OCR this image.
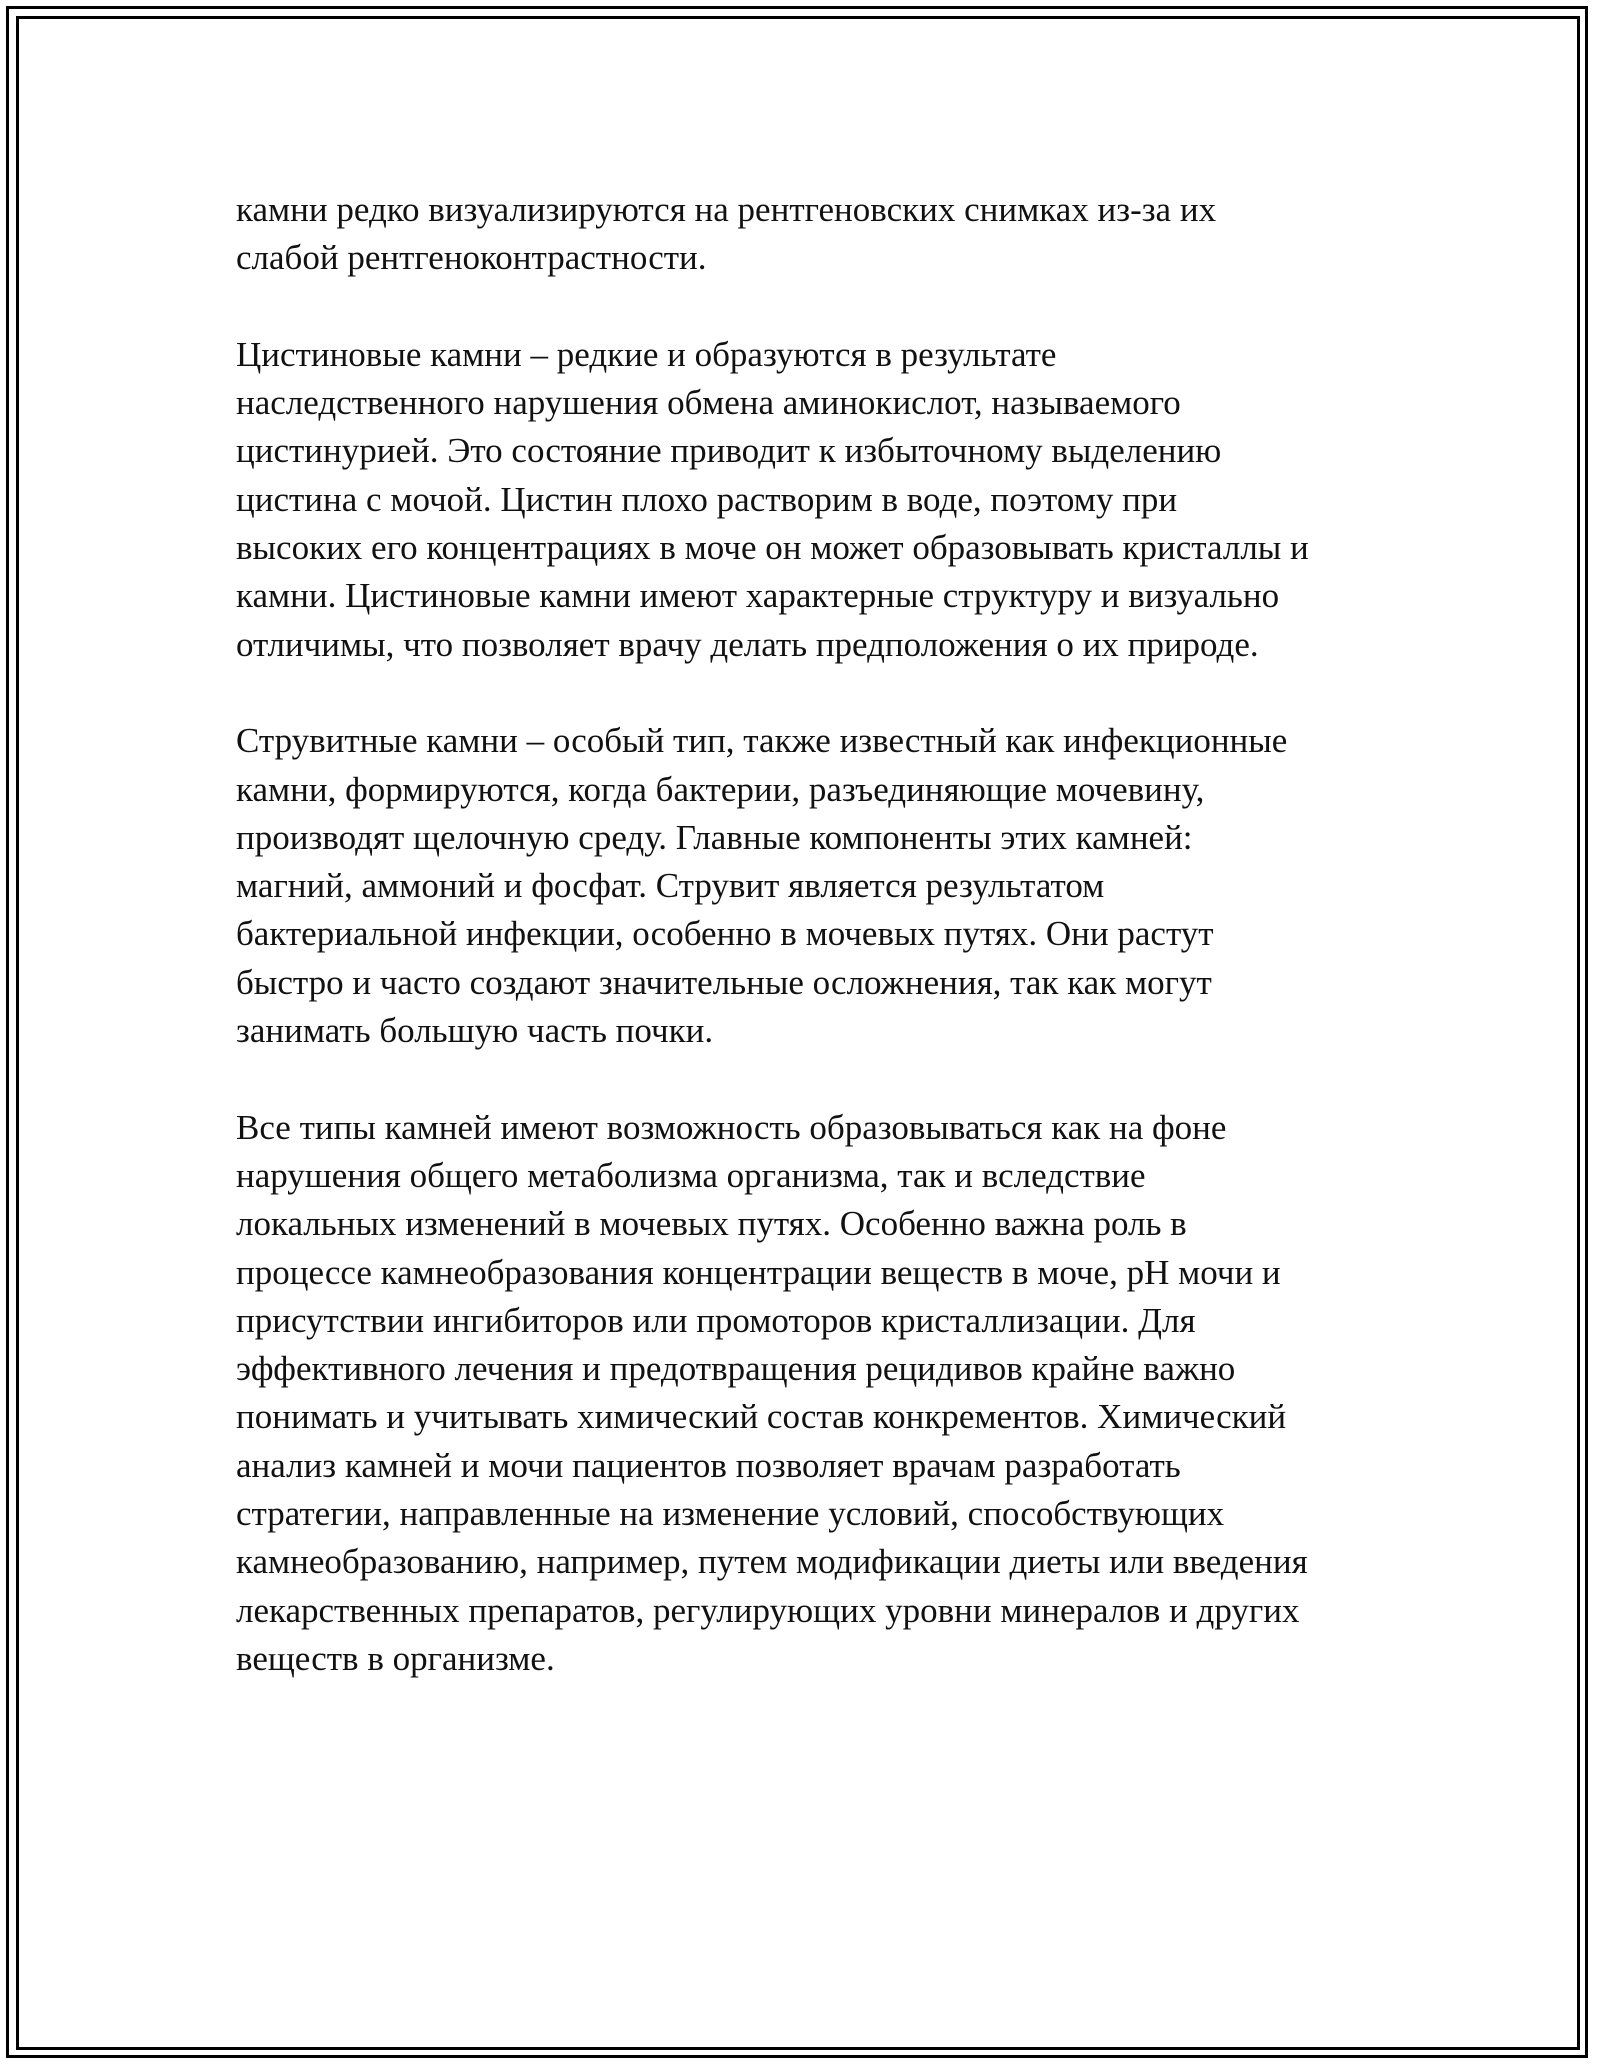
камни редко визуализируются на рентгеновских снимках из-за их
слабой рентгеноконтрастности.

Цистиновые камни – редкие и образуются в результате
наследственного нарушения обмена аминокислот, называемого
цистинурией. Это состояние приводит к избыточному выделению
цистина с мочой. Цистин плохо растворим в воде, поэтому при
высоких его концентрациях в моче он может образовывать кристаллы и
камни. Цистиновые камни имеют характерные структуру и визуально
отличимы, что позволяет врачу делать предположения о их природе.

Струвитные камни – особый тип, также известный как инфекционные
камни, формируются, когда бактерии, разъединяющие мочевину,
производят щелочную среду. Главные компоненты этих камней:
магний, аммоний и фосфат. Струвит является результатом
бактериальной инфекции, особенно в мочевых путях. Они растут
быстро и часто создают значительные осложнения, так как могут
занимать большую часть почки.

Все типы камней имеют возможность образовываться как на фоне
нарушения общего метаболизма организма, так и вследствие
локальных изменений в мочевых путях. Особенно важна роль в
процессе камнеобразования концентрации веществ в моче, pH мочи и
присутствии ингибиторов или промоторов кристаллизации. Для
эффективного лечения и предотвращения рецидивов крайне важно
понимать и учитывать химический состав конкрементов. Химический
анализ камней и мочи пациентов позволяет врачам разработать
стратегии, направленные на изменение условий, способствующих
камнеобразованию, например, путем модификации диеты или введения
лекарственных препаратов, регулирующих уровни минералов и других
веществ в организме.
